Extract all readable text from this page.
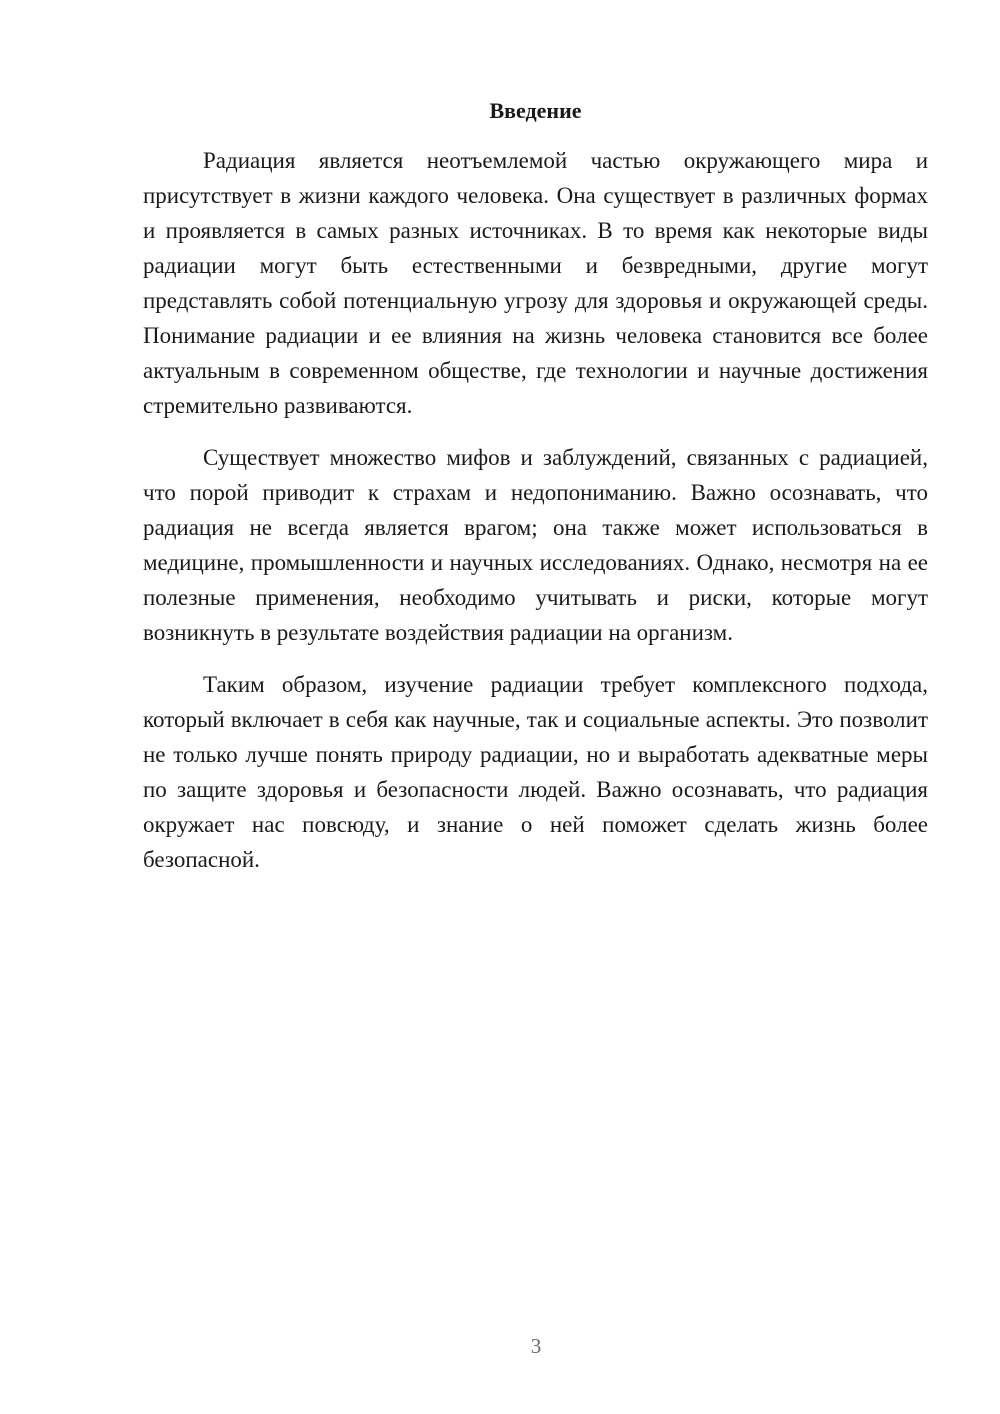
Введение

Радиация является неотъемлемой частью окружающего мира и присутствует в жизни каждого человека. Она существует в различных формах и проявляется в самых разных источниках. В то время как некоторые виды радиации могут быть естественными и безвредными, другие могут представлять собой потенциальную угрозу для здоровья и окружающей среды. Понимание радиации и ее влияния на жизнь человека становится все более актуальным в современном обществе, где технологии и научные достижения стремительно развиваются.

Существует множество мифов и заблуждений, связанных с радиацией, что порой приводит к страхам и недопониманию. Важно осознавать, что радиация не всегда является врагом; она также может использоваться в медицине, промышленности и научных исследованиях. Однако, несмотря на ее полезные применения, необходимо учитывать и риски, которые могут возникнуть в результате воздействия радиации на организм.

Таким образом, изучение радиации требует комплексного подхода, который включает в себя как научные, так и социальные аспекты. Это позволит не только лучше понять природу радиации, но и выработать адекватные меры по защите здоровья и безопасности людей. Важно осознавать, что радиация окружает нас повсюду, и знание о ней поможет сделать жизнь более безопасной.

3
